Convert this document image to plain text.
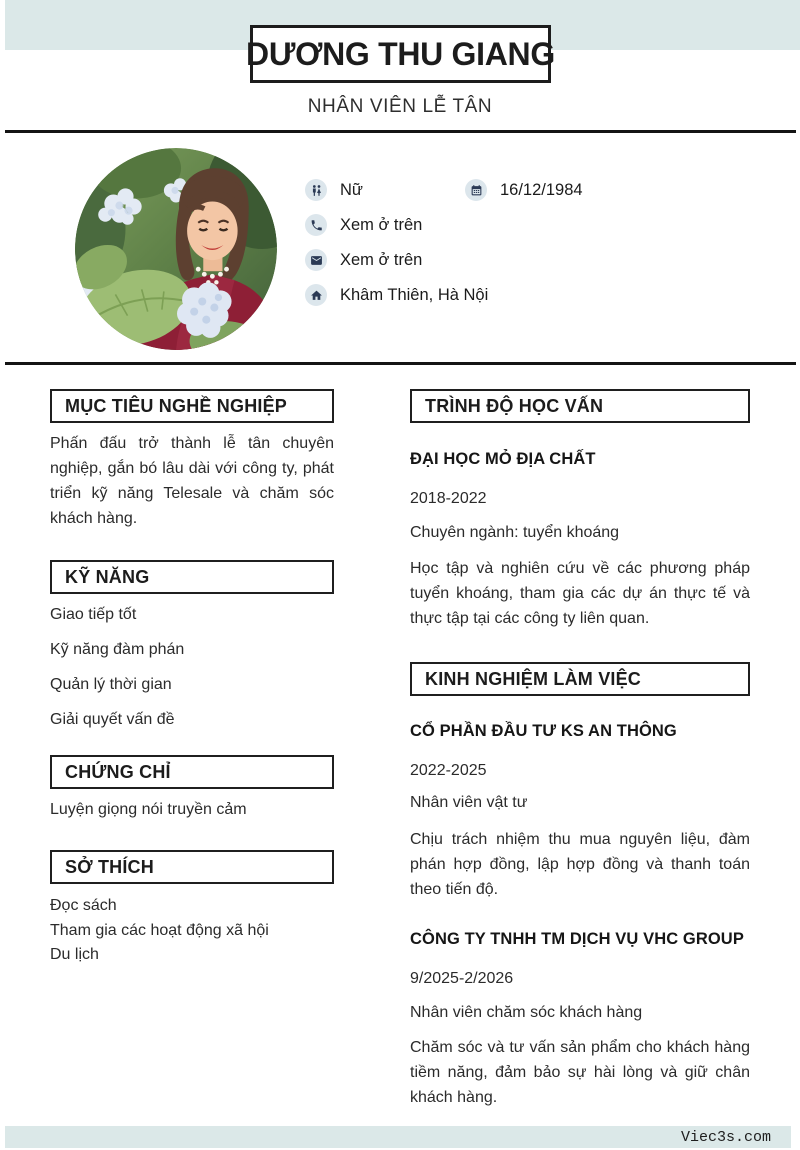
DƯƠNG THU GIANG
NHÂN VIÊN LỄ TÂN
Nữ	16/12/1984
Xem ở trên
Xem ở trên
Khâm Thiên, Hà Nội
MỤC TIÊU NGHỀ NGHIỆP

Phấn đấu trở thành lễ tân chuyên nghiệp, gắn bó lâu dài với công ty, phát triển kỹ năng Telesale và chăm sóc khách hàng.

KỸ NĂNG
Giao tiếp tốt
Kỹ năng đàm phán
Quản lý thời gian
Giải quyết vấn đề
CHỨNG CHỈ
Luyện giọng nói truyền cảm
SỞ THÍCH
Đọc sách
Tham gia các hoạt động xã hội
Du lịch
TRÌNH ĐỘ HỌC VẤN
ĐẠI HỌC MỎ ĐỊA CHẤT
2018-2022
Chuyên ngành: tuyển khoáng

Học tập và nghiên cứu về các phương pháp tuyển khoáng, tham gia các dự án thực tế và thực tập tại các công ty liên quan.

KINH NGHIỆM LÀM VIỆC
CỔ PHẦN ĐẦU TƯ KS AN THÔNG
2022-2025
Nhân viên vật tư

Chịu trách nhiệm thu mua nguyên liệu, đàm phán hợp đồng, lập hợp đồng và thanh toán theo tiến độ.

CÔNG TY TNHH TM DỊCH VỤ VHC GROUP
9/2025-2/2026
Nhân viên chăm sóc khách hàng

Chăm sóc và tư vấn sản phẩm cho khách hàng tiềm năng, đảm bảo sự hài lòng và giữ chân khách hàng.

Viec3s.com
